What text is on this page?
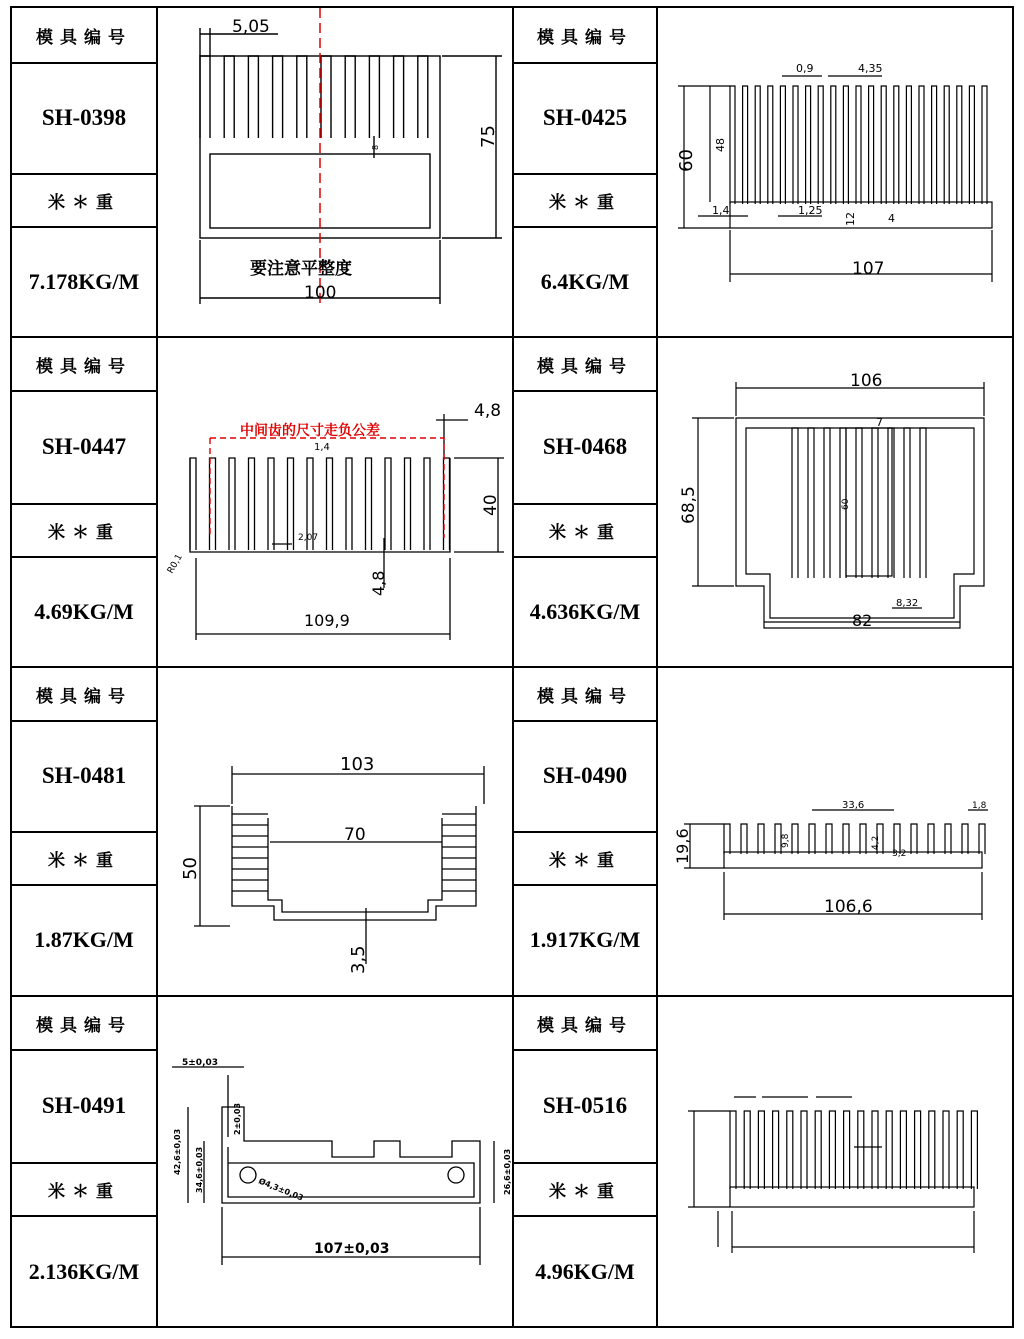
模具编号
SH-0398
米＊重
7.178KG/M
5,05
75
100
8
要注意平整度
模具编号
SH-0425
米＊重
6.4KG/M
0,9	4,35
60
48
1,4	1,25
12	4
107
模具编号
SH-0447
米＊重
4.69KG/M
4,8
1,4
40
2,07
R0,1
4,8
109,9
中间齿的尺寸走负公差
模具编号
SH-0468
米＊重
4.636KG/M
106
7
68,5	60
8,32
82
模具编号
SH-0481
米＊重
1.87KG/M
103
50
70
3,5
模具编号
SH-0490
米＊重
1.917KG/M
33,6	1,8
19,6	9,8	4,2
3,2
106,6
模具编号
SH-0491
米＊重
2.136KG/M
5±0,03
2±0,03
42,6±0,03 34,6±0,03	Ø4,3±0,03	26,6±0,03
107±0,03
模具编号
SH-0516
米＊重
4.96KG/M
